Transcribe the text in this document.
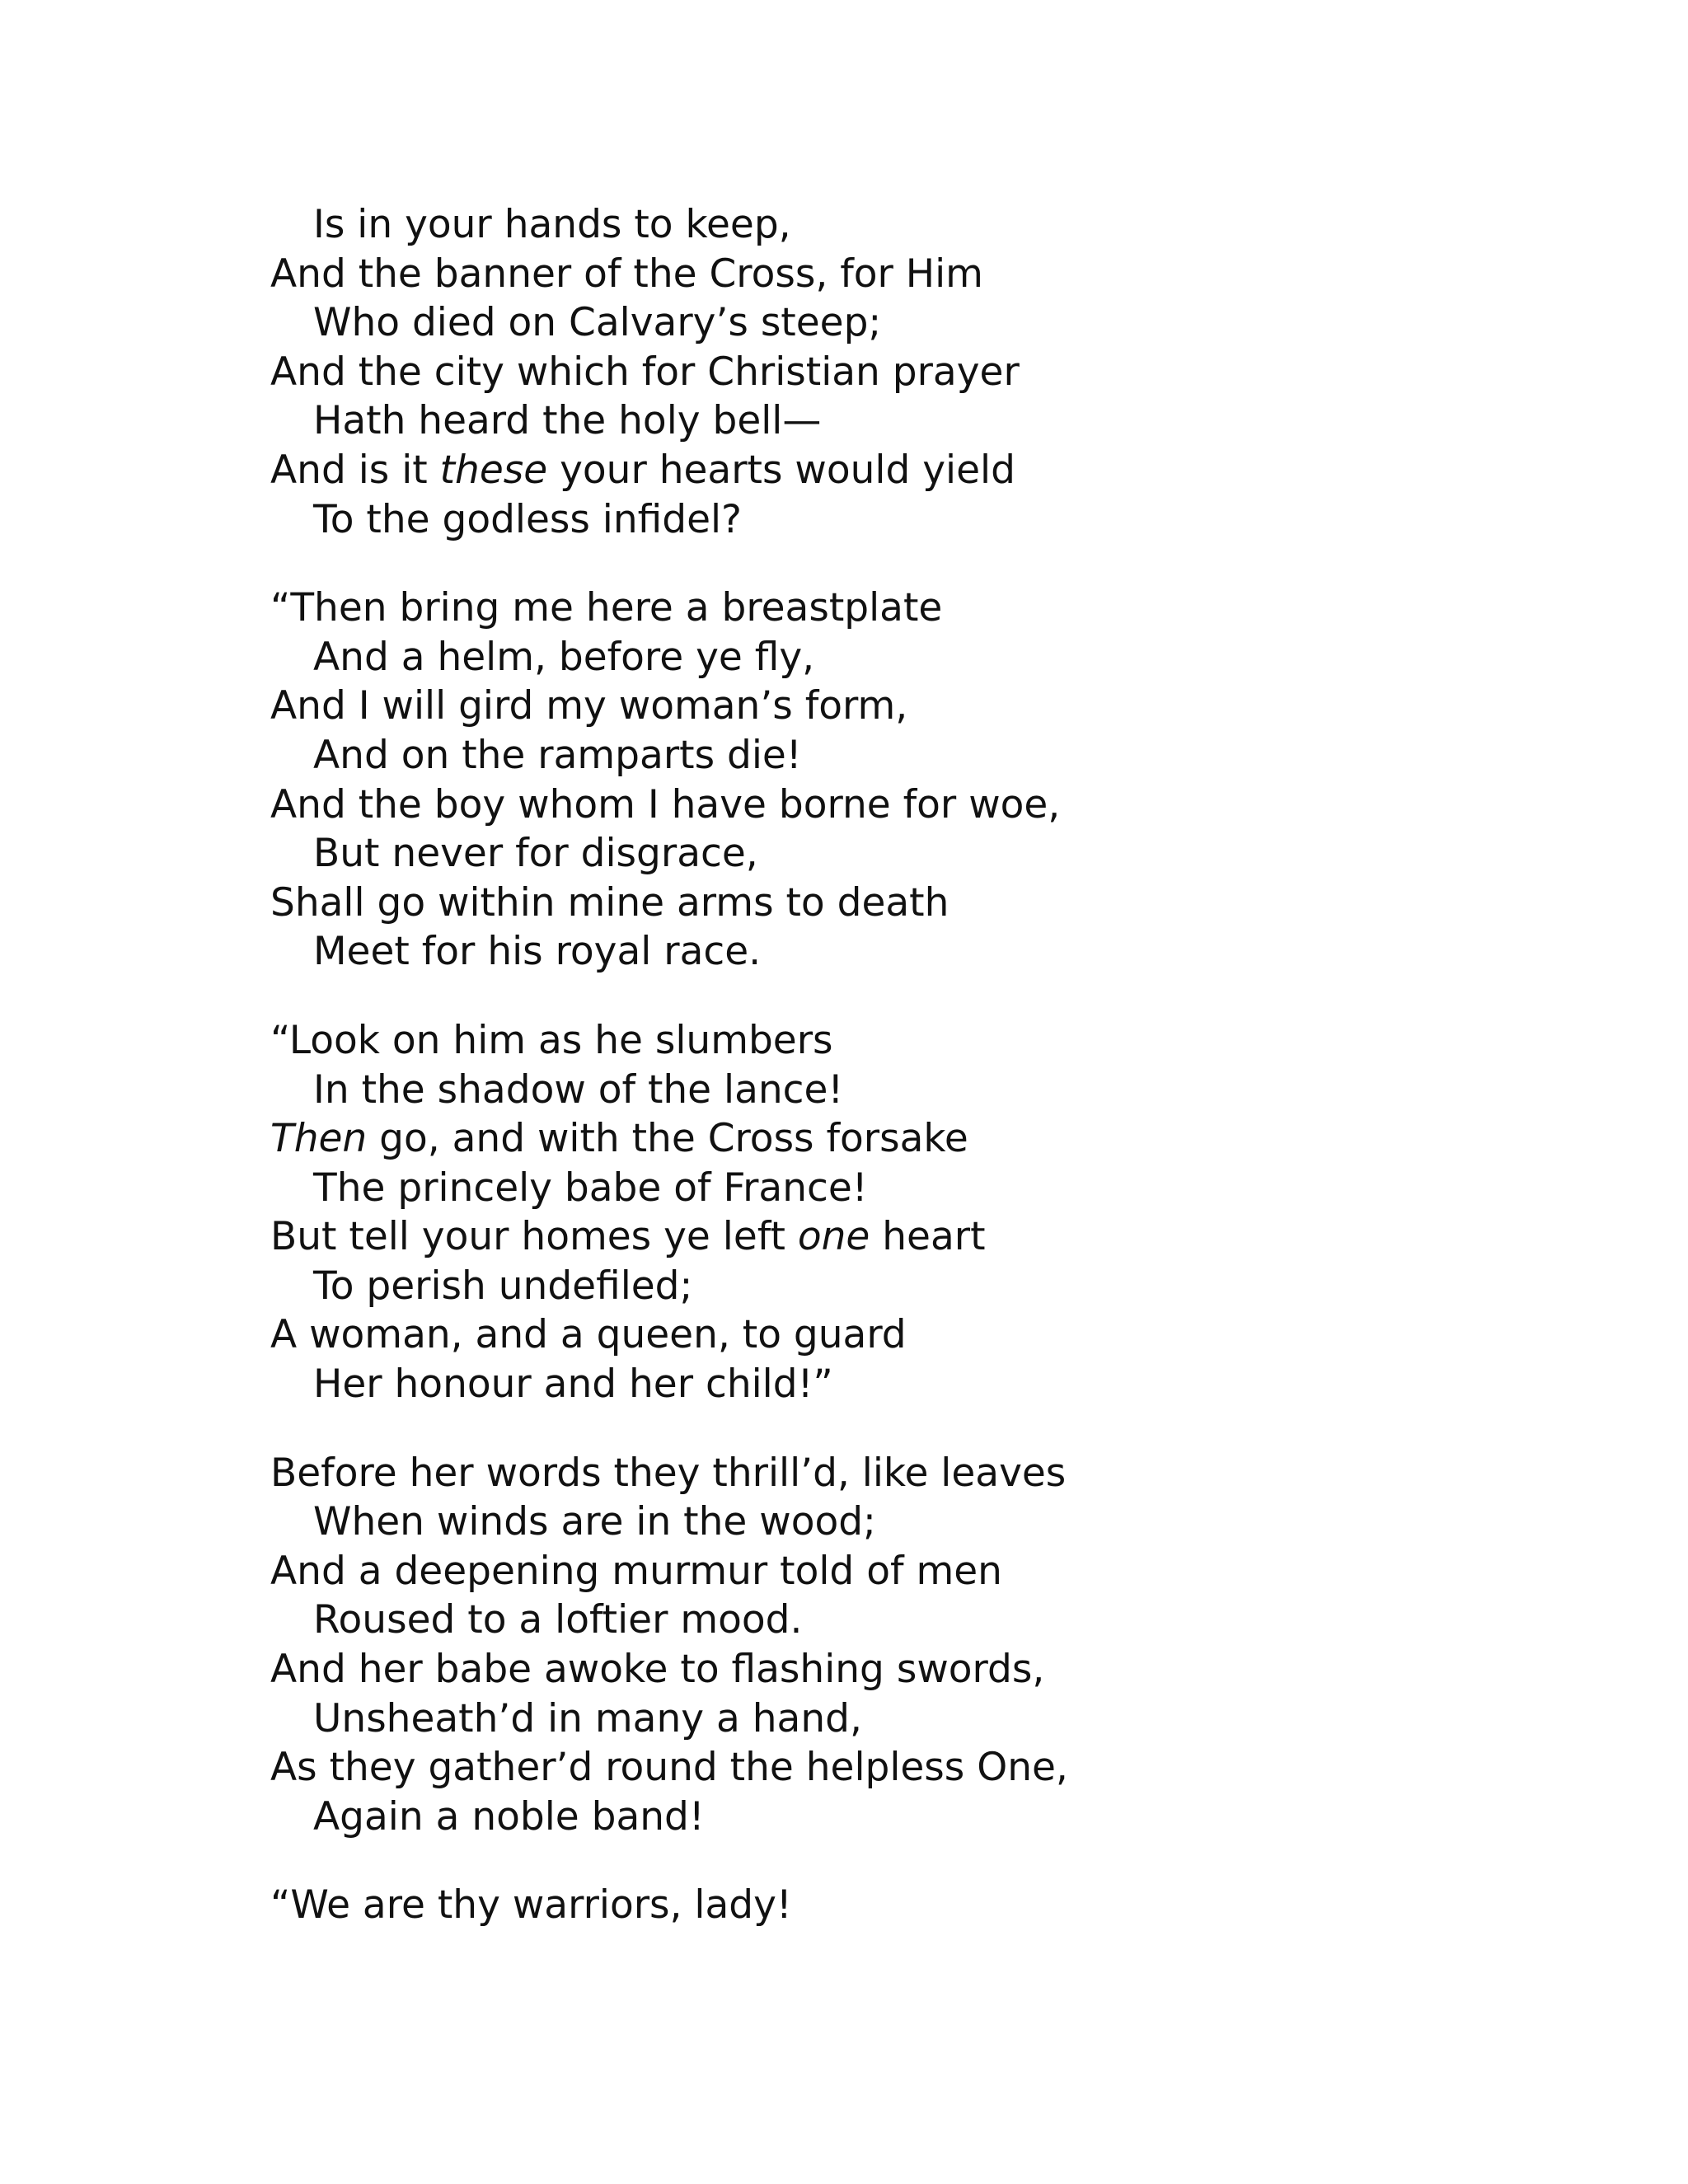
Is in your hands to keep,
And the banner of the Cross, for Him
Who died on Calvary’s steep;
And the city which for Christian prayer
Hath heard the holy bell—
And is it these your hearts would yield
To the godless infidel?
“Then bring me here a breastplate
And a helm, before ye fly,
And I will gird my woman’s form,
And on the ramparts die!
And the boy whom I have borne for woe,
But never for disgrace,
Shall go within mine arms to death
Meet for his royal race.
“Look on him as he slumbers
In the shadow of the lance!
Then go, and with the Cross forsake
The princely babe of France!
But tell your homes ye left one heart
To perish undefiled;
A woman, and a queen, to guard
Her honour and her child!”
Before her words they thrill’d, like leaves
When winds are in the wood;
And a deepening murmur told of men
Roused to a loftier mood.
And her babe awoke to flashing swords,
Unsheath’d in many a hand,
As they gather’d round the helpless One,
Again a noble band!
“We are thy warriors, lady!
